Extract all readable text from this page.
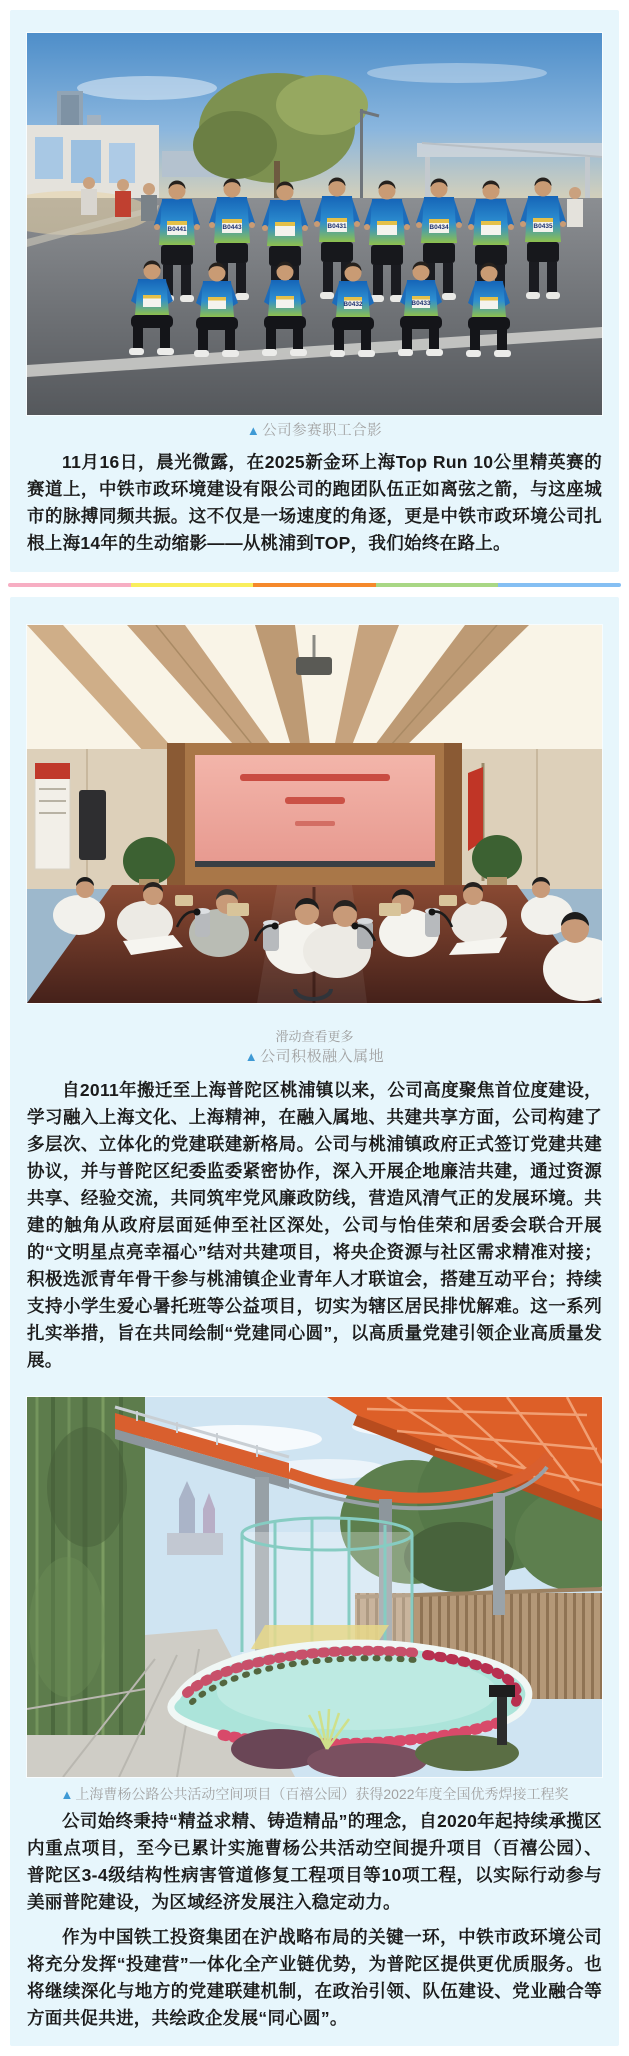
B0441	B0443	B0431	B0434	B0435
B0432	B0433
▲ 公司参赛职工合影

11月16日，晨光微露，在2025新金环上海Top Run 10公里精英赛的赛道上，中铁市政环境建设有限公司的跑团队伍正如离弦之箭，与这座城市的脉搏同频共振。这不仅是一场速度的角逐，更是中铁市政环境公司扎根上海14年的生动缩影——从桃浦到TOP，我们始终在路上。

滑动查看更多
▲ 公司积极融入属地

自2011年搬迁至上海普陀区桃浦镇以来，公司高度聚焦首位度建设，学习融入上海文化、上海精神，在融入属地、共建共享方面，公司构建了多层次、立体化的党建联建新格局。公司与桃浦镇政府正式签订党建共建协议，并与普陀区纪委监委紧密协作，深入开展企地廉洁共建，通过资源共享、经验交流，共同筑牢党风廉政防线，营造风清气正的发展环境。共建的触角从政府层面延伸至社区深处，公司与怡佳荣和居委会联合开展的“文明星点亮幸福心”结对共建项目，将央企资源与社区需求精准对接；积极选派青年骨干参与桃浦镇企业青年人才联谊会，搭建互动平台；持续支持小学生爱心暑托班等公益项目，切实为辖区居民排忧解难。这一系列扎实举措，旨在共同绘制“党建同心圆”，以高质量党建引领企业高质量发展。

▲ 上海曹杨公路公共活动空间项目（百禧公园）获得2022年度全国优秀焊接工程奖

公司始终秉持“精益求精、铸造精品”的理念，自2020年起持续承揽区内重点项目，至今已累计实施曹杨公共活动空间提升项目（百禧公园）、普陀区3-4级结构性病害管道修复工程项目等10项工程，以实际行动参与美丽普陀建设，为区域经济发展注入稳定动力。

作为中国铁工投资集团在沪战略布局的关键一环，中铁市政环境公司将充分发挥“投建营”一体化全产业链优势，为普陀区提供更优质服务。也将继续深化与地方的党建联建机制，在政治引领、队伍建设、党业融合等方面共促共进，共绘政企发展“同心圆”。
